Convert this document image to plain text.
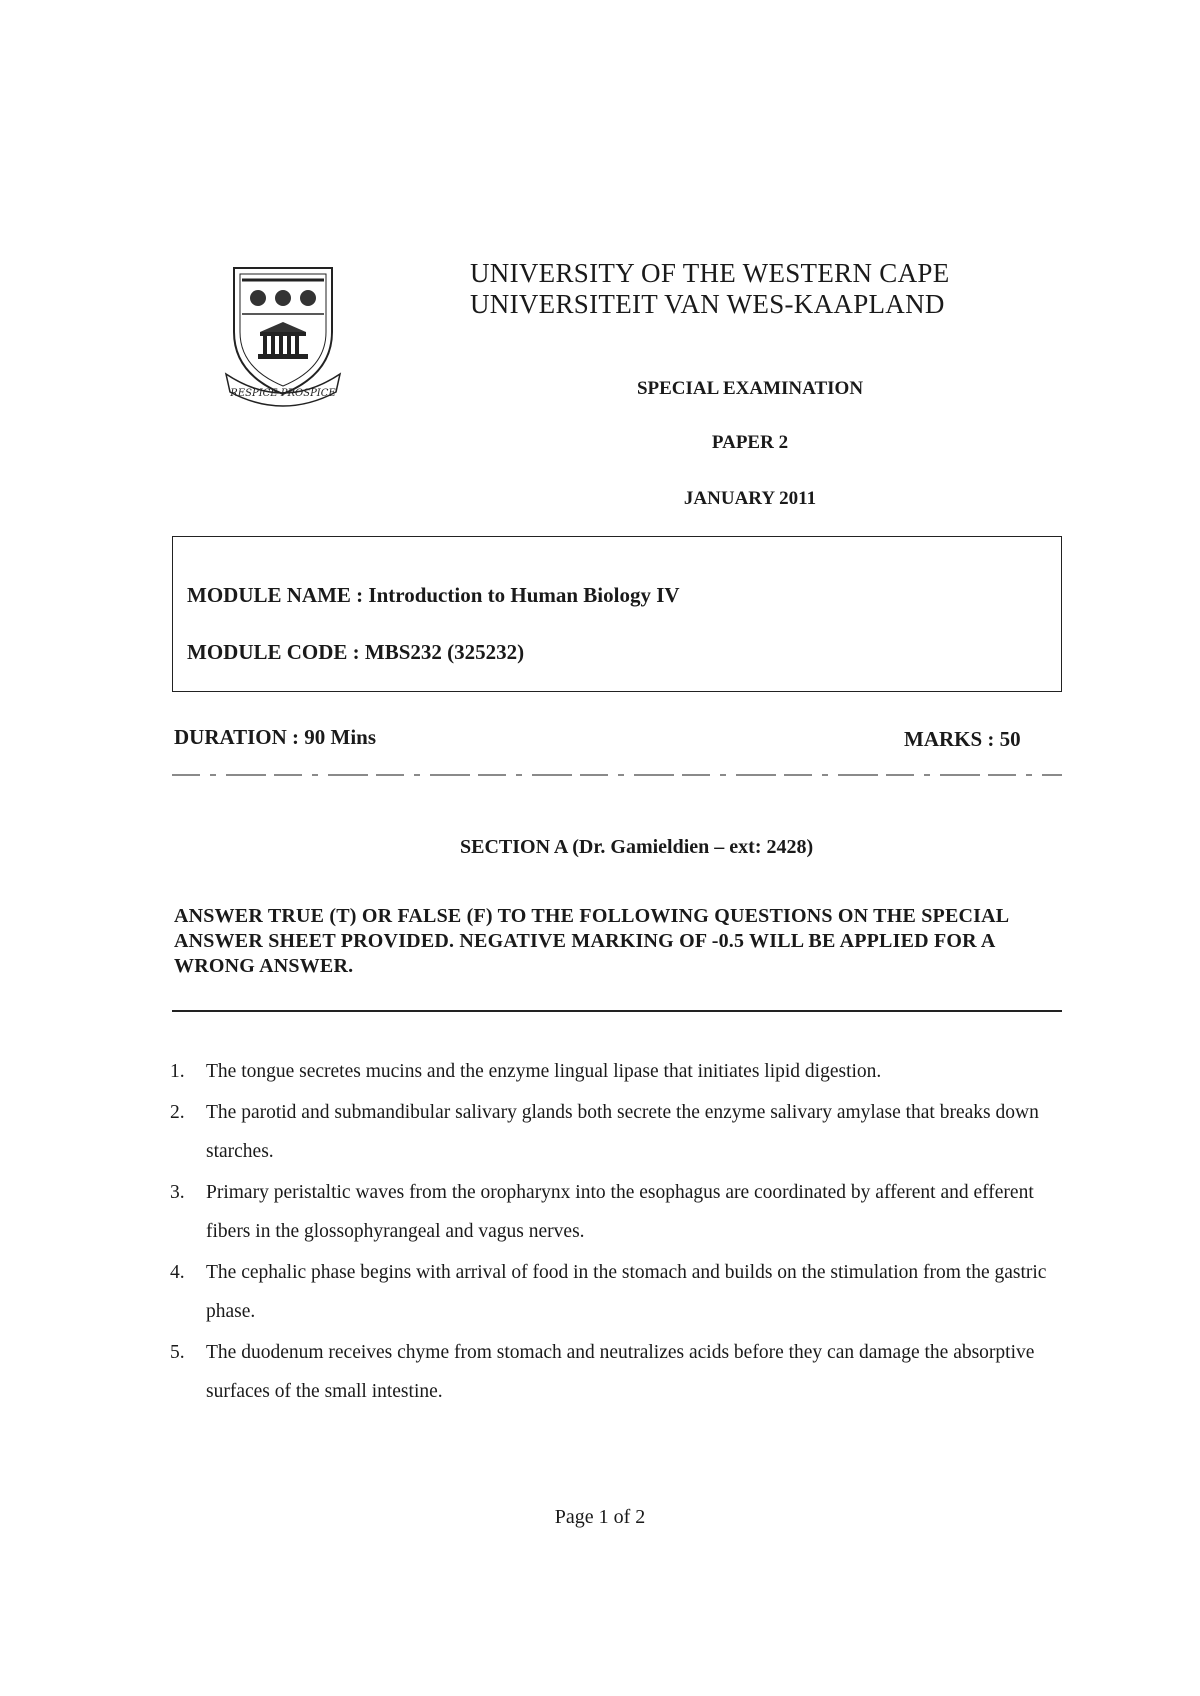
RESPICE PROSPICE
UNIVERSITY OF THE WESTERN CAPE
UNIVERSITEIT VAN WES-KAAPLAND
SPECIAL EXAMINATION
PAPER 2
JANUARY 2011
MODULE NAME : Introduction to Human Biology IV
MODULE CODE : MBS232 (325232)
DURATION : 90 Mins	MARKS : 50
SECTION A (Dr. Gamieldien – ext: 2428)
ANSWER TRUE (T) OR FALSE (F) TO THE FOLLOWING QUESTIONS ON THE SPECIAL ANSWER SHEET PROVIDED. NEGATIVE MARKING OF -0.5 WILL BE APPLIED FOR A WRONG ANSWER.
1. The tongue secretes mucins and the enzyme lingual lipase that initiates lipid digestion.
2. The parotid and submandibular salivary glands both secrete the enzyme salivary amylase that breaks down starches.
3. Primary peristaltic waves from the oropharynx into the esophagus are coordinated by afferent and efferent fibers in the glossophyrangeal and vagus nerves.
4. The cephalic phase begins with arrival of food in the stomach and builds on the stimulation from the gastric phase.
5. The duodenum receives chyme from stomach and neutralizes acids before they can damage the absorptive surfaces of the small intestine.
Page 1 of 2
